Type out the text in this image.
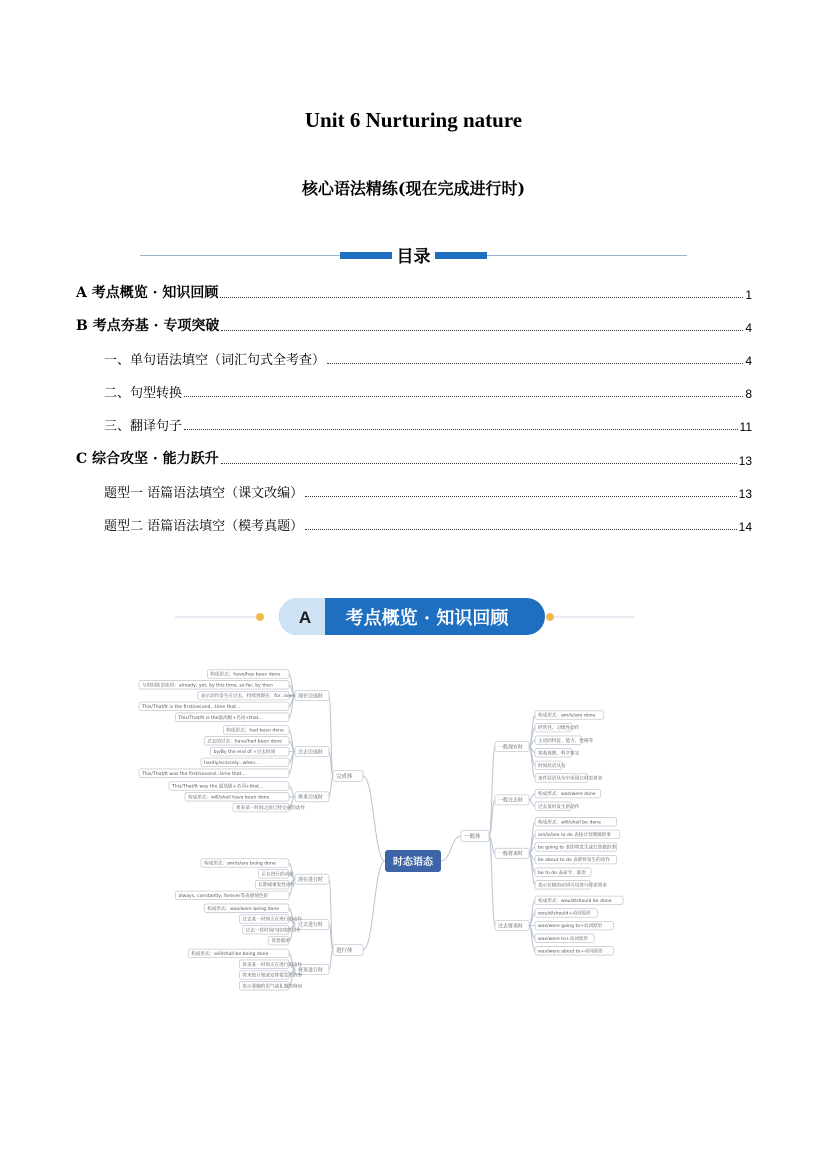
Unit 6 Nurturing nature
核心语法精练(现在完成进行时)
目录
A 考点概览 · 知识回顾	1
B 考点夯基 · 专项突破	4
一、单句语法填空（词汇句式全考查）	4
二、句型转换	8
三、翻译句子	11
C 综合攻坚 · 能力跃升	13
题型一 语篇语法填空（课文改编）	13
题型二 语篇语法填空（模考真题）	14
A 考点概览 · 知识回顾
时态语态
完成体
现在完成时
构成形式：have/has been done
与时间状语连用：already, yet, by this time, so far, by then
表示动作发生在过去，持续到现在：for, since
This/That/It is the first/second...time that...
This/That/It is the最高级+名词+that...
过去完成时
构成形式：had been done
过去的过去：have/had been done
by/By the end of +过去时间
hardly/scarcely...when...
This/That/It was the first/second...time that...
将来完成时
This/That/It was the 最高级+名词+that...
构成形式：will/shall have been done
将来某一时间之前已经完成的动作
进行体
现在进行时
构成形式：am/is/are being done
正在进行的动作
长期或重复性动作
always, constantly, forever等表感情色彩
过去进行时
构成形式：was/were being done
过去某一时刻正在进行的动作
过去一段时间内持续的动作
背景描述
将来进行时
构成形式：will/shall be being done
将来某一时刻正在进行的动作
将来按计划或安排要发生的事
表示委婉的语气或礼貌的询问
一般体
一般现在时
构成形式：am/is/are done
经常性、习惯性动作
主语的特征、能力、性格等
客观真理、科学事实
时间状语从句
条件状语从句中用现在时表将来
一般过去时
构成形式：was/were done
过去某时发生的动作
一般将来时
构成形式：will/shall be done
am/is/are to do 表按计划要做的事
be going to 表即将发生或打算做的事
be about to do 表即将发生的动作
be to do 表命令、职责
表示位移的动词可用进行时表将来
过去将来时
构成形式：would/should be done
would/should+动词原形
was/were going to+动词原形
was/were to+动词原形
was/were about to+动词原形
